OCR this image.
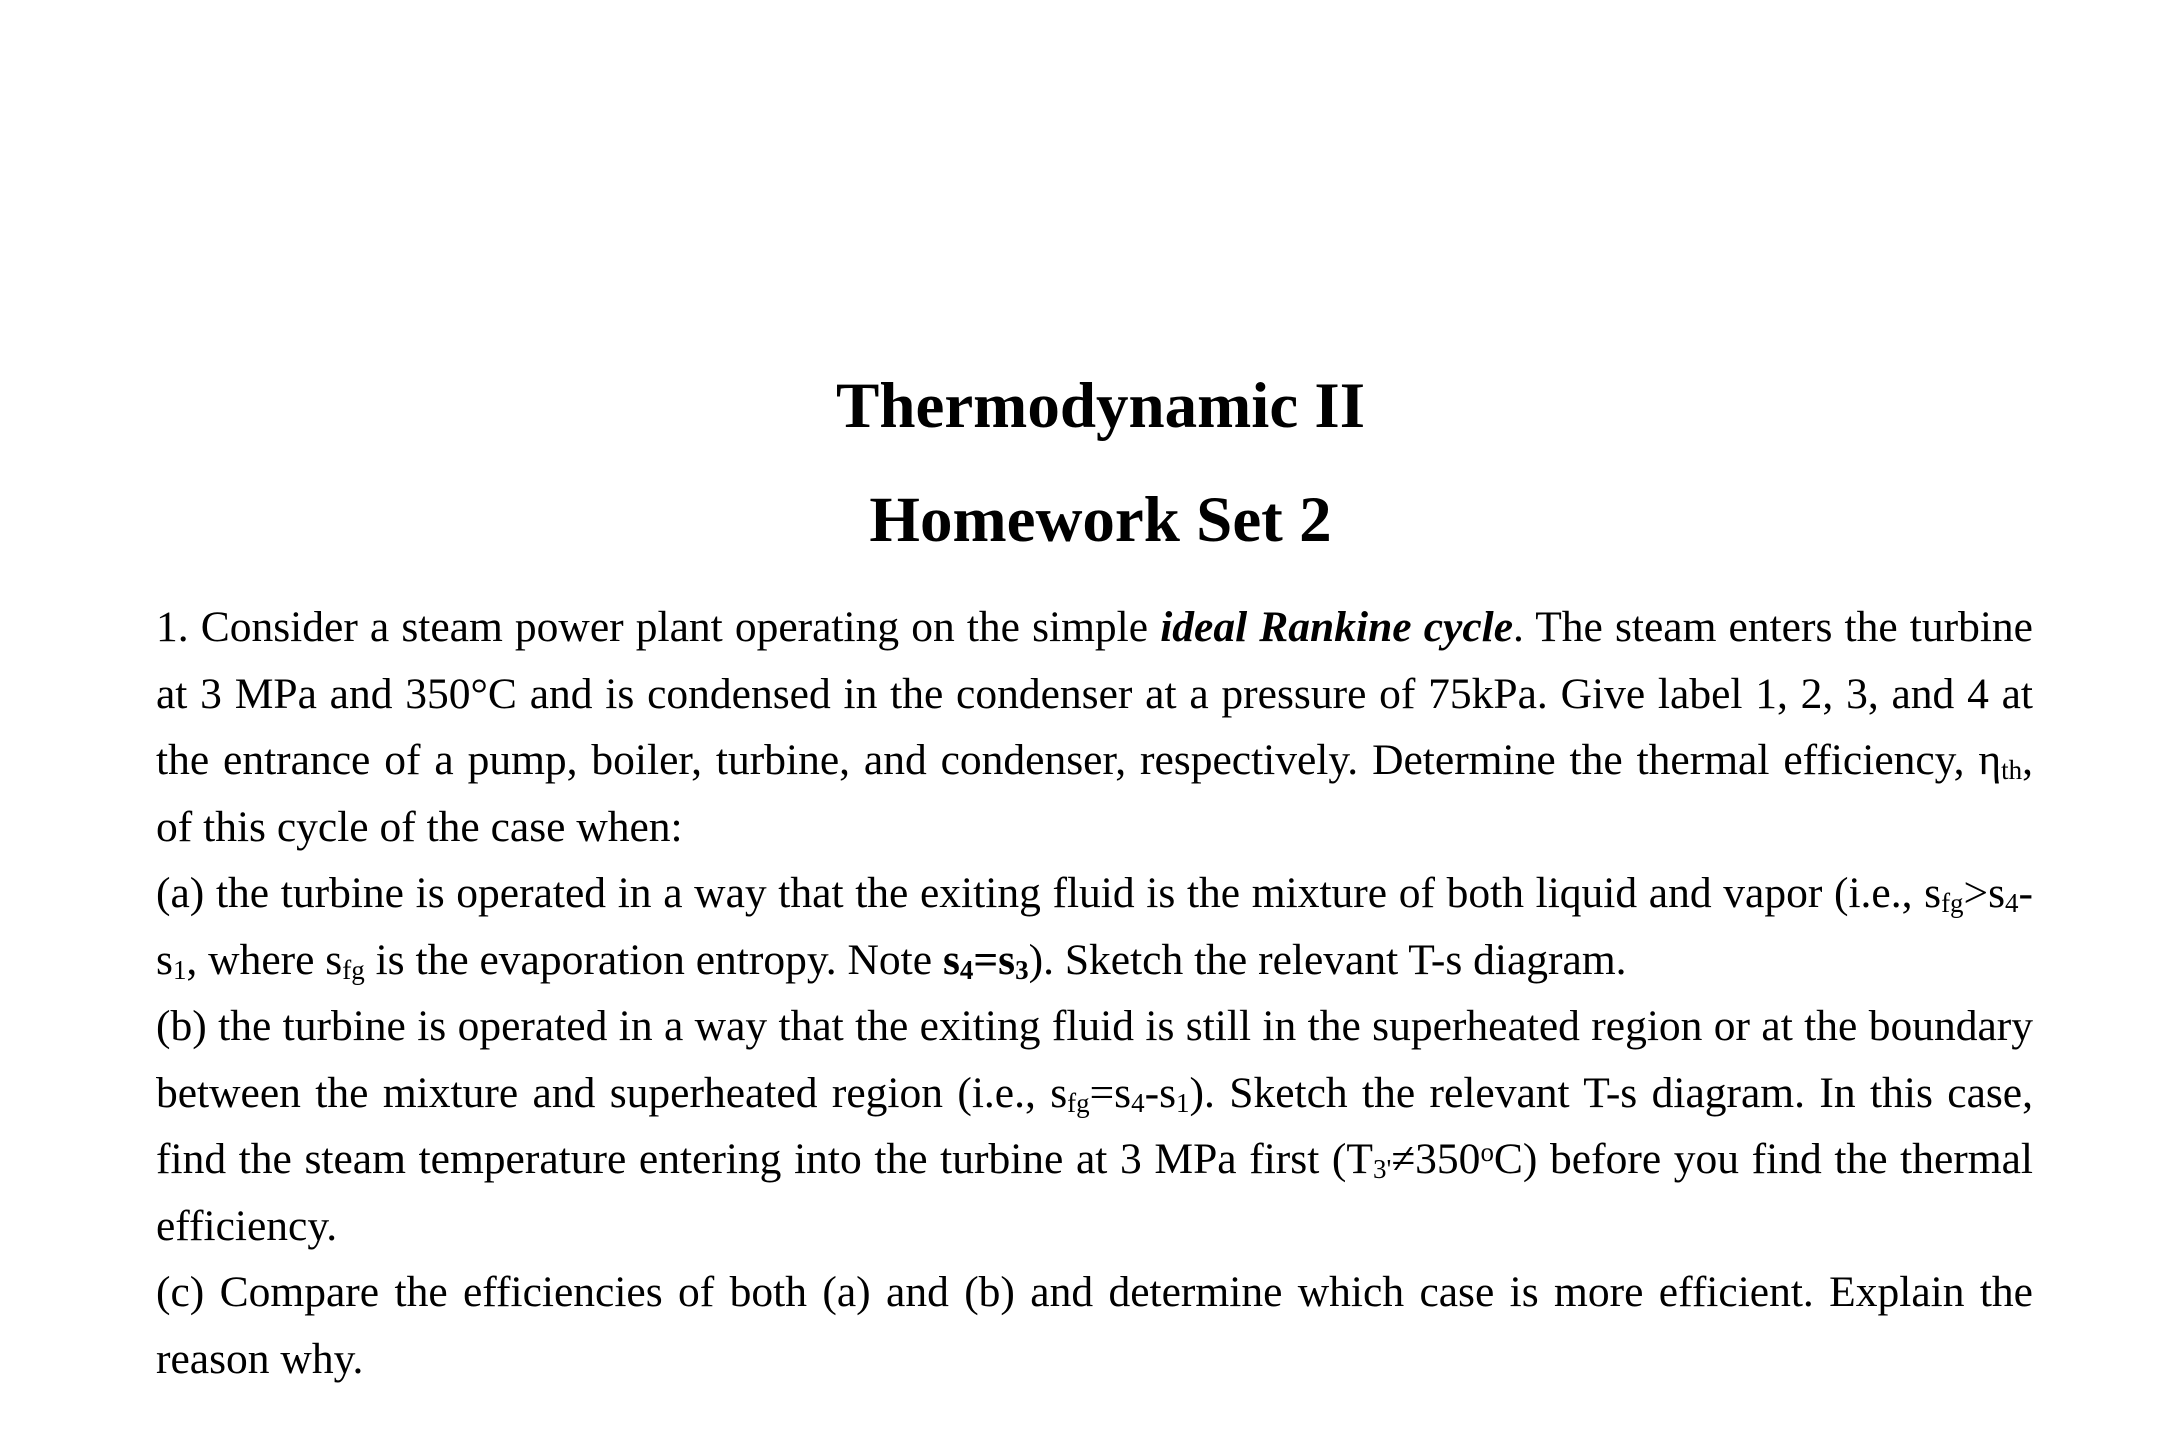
Thermodynamic II
Homework Set 2

1. Consider a steam power plant operating on the simple ideal Rankine cycle. The steam enters the turbine at 3 MPa and 350°C and is condensed in the condenser at a pressure of 75kPa. Give label 1, 2, 3, and 4 at the entrance of a pump, boiler, turbine, and condenser, respectively. Determine the thermal efficiency, $\eta_{th}$, of this cycle of the case when:

(a) the turbine is operated in a way that the exiting fluid is the mixture of both liquid and vapor (i.e., $s_{fg}>s_4-s_1$, where $s_{fg}$ is the evaporation entropy. Note $s_4=s_3$). Sketch the relevant T-s diagram.

(b) the turbine is operated in a way that the exiting fluid is still in the superheated region or at the boundary between the mixture and superheated region (i.e., $s_{fg}=s_4-s_1$). Sketch the relevant T-s diagram. In this case, find the steam temperature entering into the turbine at 3 MPa first $(T_{3'}\ne 350^oC)$ before you find the thermal efficiency.

(c) Compare the efficiencies of both (a) and (b) and determine which case is more efficient. Explain the reason why.
